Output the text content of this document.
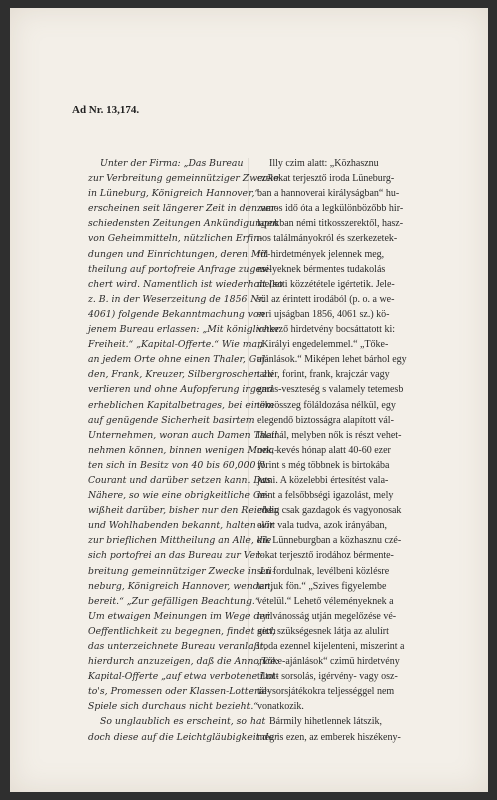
Ad Nr. 13,174.
Unter der Firma: „Das Bureau
zur Verbreitung gemeinnütziger Zwecke
in Lüneburg, Königreich Hannover,“
erscheinen seit längerer Zeit in den ver-
schiedensten Zeitungen Ankündigungen
von Geheimmitteln, nützlichen Erfin-
dungen und Einrichtungen, deren Mit-
theilung auf portofreie Anfrage zugesi-
chert wird. Namentlich ist wiederholt (so
z. B. in der Weserzeitung de 1856 Nr.
4061) folgende Bekanntmachung von
jenem Bureau erlassen: „Mit königlicher
Freiheit.“ „Kapital-Offerte.“ Wie man
an jedem Orte ohne einen Thaler, Gul-
den, Frank, Kreuzer, Silbergroschen zu
verlieren und ohne Aufopferung irgend
erheblichen Kapitalbetrages, bei einem
auf genügende Sicherheit basirtem
Unternehmen, woran auch Damen Theil
nehmen können, binnen wenigen Mona-
ten sich in Besitz von 40 bis 60,000 fl.
Courant und darüber setzen kann. Das
Nähere, so wie eine obrigkeitliche Ge-
wißheit darüber, bisher nur den Reichen
und Wohlhabenden bekannt, halten wir
zur brieflichen Mittheilung an Alle, die
sich portofrei an das Bureau zur Ver-
breitung gemeinnütziger Zwecke in Lü-
neburg, Königreich Hannover, wenden,
bereit.“ „Zur gefälligen Beachtung.“
Um etwaigen Meinungen im Wege der
Oeffentlichkeit zu begegnen, findet sich
das unterzeichnete Bureau veranlaßt,
hierdurch anzuzeigen, daß die Annonce:
Kapital-Offerte „auf etwa verbotene Lot-
to's, Promessen oder Klassen-Lotterie-
Spiele sich durchaus nicht bezieht.“
So unglaublich es erscheint, so hat
doch diese auf die Leichtgläubigkeit der
Illy czim alatt: „Közhasznu
czélokat terjesztő iroda Lüneburg-
ban a hannoverai királyságban“ hu-
zamos idő óta a legkülönbözőbb hir-
lapokban némi titkosszerektől, hasz-
nos találmányokról és szerkezetek-
ről hirdetmények jelennek meg,
melyeknek bérmentes tudakolás
melletti közzététele igértetik. Jele-
sül az érintett irodából (p. o. a we-
seri ujságban 1856, 4061 sz.) kö-
vetkező hirdetvény bocsáttatott ki:
„Királyi engedelemmel.“ „Tőke-
ajánlások.“ Miképen lehet bárhol egy
tallér, forint, frank, krajczár vagy
garas-veszteség s valamely tetemesb
tőkeösszeg föláldozása nélkül, egy
elegendő biztosságra alapított vál-
lalatnál, melyben nők is részt vehet-
nek, kevés hónap alatt 40-60 ezer
forint s még többnek is birtokába
jutni. A közelebbi értesítést vala-
mint a felsőbbségi igazolást, mely
eddig csak gazdagok és vagyonosak
előtt vala tudva, azok irányában,
kik Lünneburgban a közhasznu czé-
lokat terjesztő irodához bérmente-
sen fordulnak, levélbeni közlésre
tartjuk fön.“ „Szives figyelembe
vételül.“ Lehető véleményeknek a
nyilvánosság utján megelőzése vé-
gett, szükségesnek látja az alulírt
iroda ezennel kijelenteni, miszerint a
„Tőke-ajánlások“ czimü hirdetvény
tiltott sorsolás, igérvény- vagy osz-
tálysorsjátékokra teljességgel nem
vonatkozik.
Bármily hihetlennek látszik,
még is ezen, az emberek hiszékeny-
